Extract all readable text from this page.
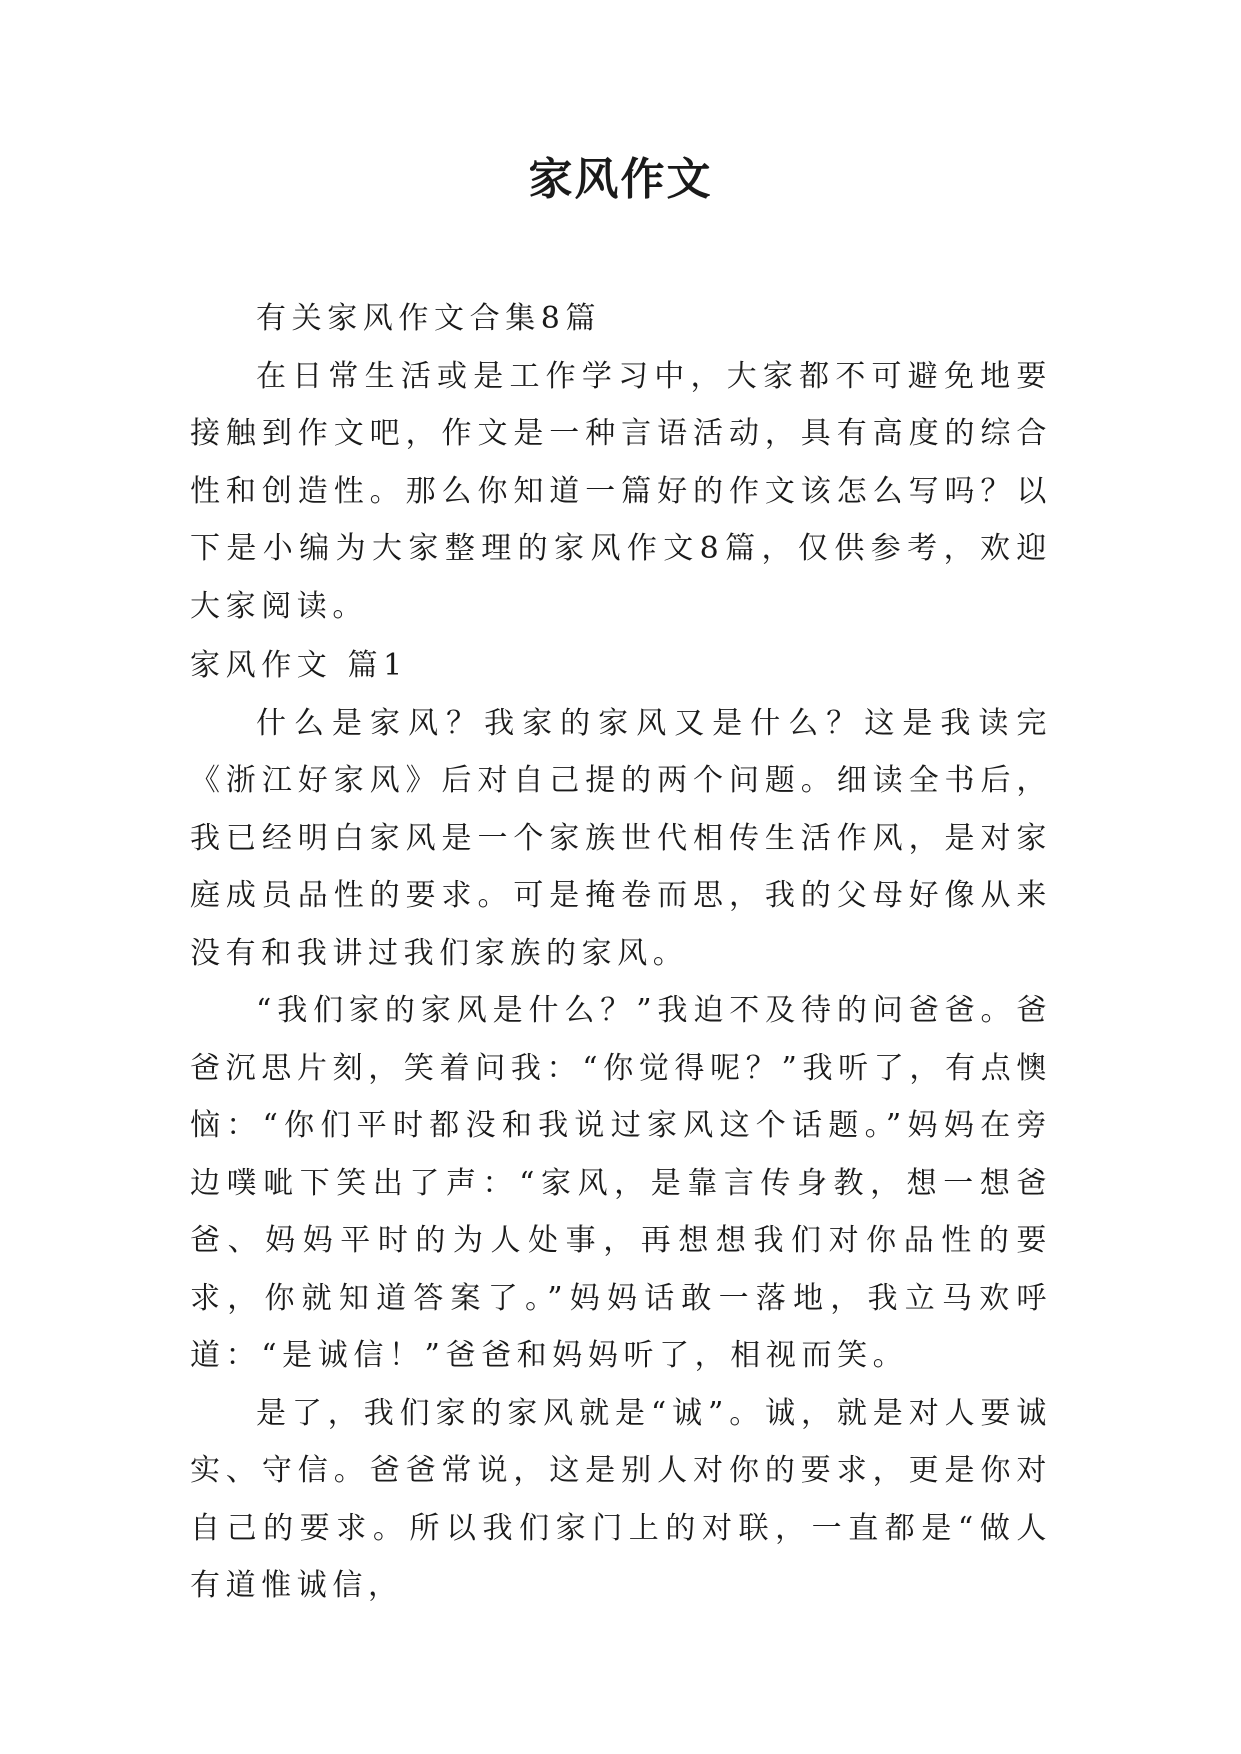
家风作文

有关家风作文合集8篇

在日常生活或是工作学习中，大家都不可避免地要接触到作文吧，作文是一种言语活动，具有高度的综合性和创造性。那么你知道一篇好的作文该怎么写吗？以下是小编为大家整理的家风作文8篇，仅供参考，欢迎大家阅读。

家风作文 篇1

什么是家风？我家的家风又是什么？这是我读完《浙江好家风》后对自己提的两个问题。细读全书后，我已经明白家风是一个家族世代相传生活作风，是对家庭成员品性的要求。可是掩卷而思，我的父母好像从来没有和我讲过我们家族的家风。

“我们家的家风是什么？”我迫不及待的问爸爸。爸爸沉思片刻，笑着问我：“你觉得呢？”我听了，有点懊恼：“你们平时都没和我说过家风这个话题。”妈妈在旁边噗呲下笑出了声：“家风，是靠言传身教，想一想爸爸、妈妈平时的为人处事，再想想我们对你品性的要求，你就知道答案了。”妈妈话敢一落地，我立马欢呼道：“是诚信！”爸爸和妈妈听了，相视而笑。

是了，我们家的家风就是“诚”。诚，就是对人要诚实、守信。爸爸常说，这是别人对你的要求，更是你对自己的要求。所以我们家门上的对联，一直都是“做人有道惟诚信，
